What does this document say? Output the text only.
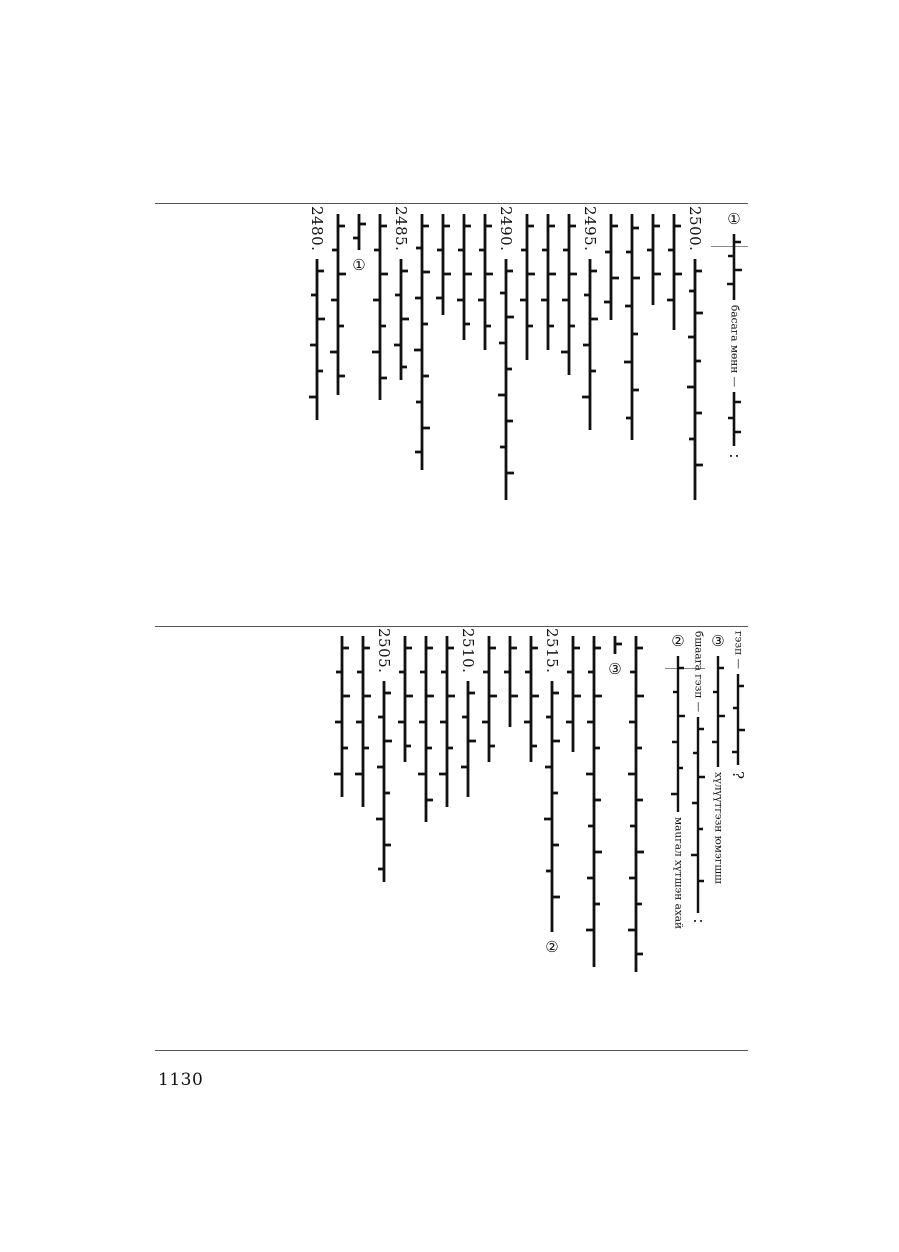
①
басага мөнн —
∶
2500.
2495.
2490.
2485.
①
2480.
гэзп —
?
③
хүлүүтгэзн юмэгшш
бшааrа гэзп —
∶
②
маuгал хүтшэн ахай
③
2515.
②
2510.
2505.
1130
